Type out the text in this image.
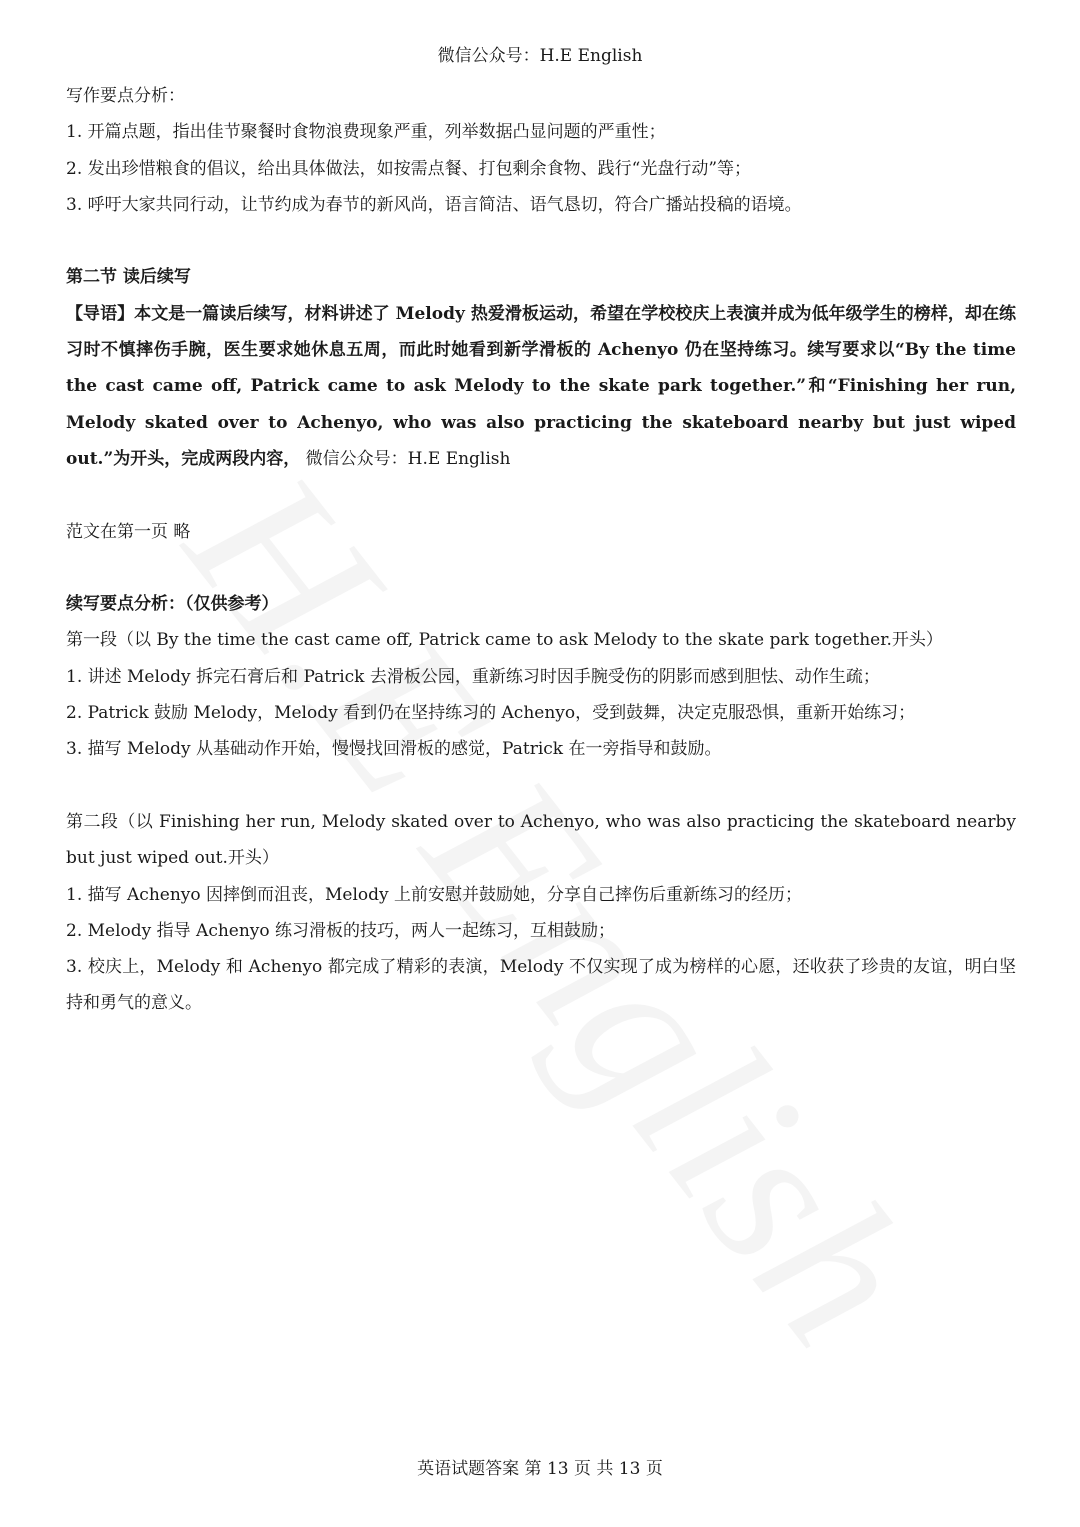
微信公众号：H.E English

写作要点分析：

1. 开篇点题，指出佳节聚餐时食物浪费现象严重，列举数据凸显问题的严重性；

2. 发出珍惜粮食的倡议，给出具体做法，如按需点餐、打包剩余食物、践行“光盘行动”等；

3. 呼吁大家共同行动，让节约成为春节的新风尚，语言简洁、语气恳切，符合广播站投稿的语境。

第二节 读后续写

【导语】本文是一篇读后续写，材料讲述了 Melody 热爱滑板运动，希望在学校校庆上表演并成为低年级学生的榜样，却在练习时不慎摔伤手腕，医生要求她休息五周，而此时她看到新学滑板的 Achenyo 仍在坚持练习。续写要求以“By the time the cast came off, Patrick came to ask Melody to the skate park together.”和“Finishing her run, Melody skated over to Achenyo, who was also practicing the skateboard nearby but just wiped out.”为开头，完成两段内容， 微信公众号：H.E English

范文在第一页 略

续写要点分析：（仅供参考）

第一段（以 By the time the cast came off, Patrick came to ask Melody to the skate park together.开头）

1. 讲述 Melody 拆完石膏后和 Patrick 去滑板公园，重新练习时因手腕受伤的阴影而感到胆怯、动作生疏；

2. Patrick 鼓励 Melody，Melody 看到仍在坚持练习的 Achenyo，受到鼓舞，决定克服恐惧，重新开始练习；

3. 描写 Melody 从基础动作开始，慢慢找回滑板的感觉，Patrick 在一旁指导和鼓励。

第二段（以 Finishing her run, Melody skated over to Achenyo, who was also practicing the skateboard nearby but just wiped out.开头）

1. 描写 Achenyo 因摔倒而沮丧，Melody 上前安慰并鼓励她，分享自己摔伤后重新练习的经历；

2. Melody 指导 Achenyo 练习滑板的技巧，两人一起练习，互相鼓励；

3. 校庆上，Melody 和 Achenyo 都完成了精彩的表演，Melody 不仅实现了成为榜样的心愿，还收获了珍贵的友谊，明白坚持和勇气的意义。

英语试题答案 第 13 页 共 13 页
